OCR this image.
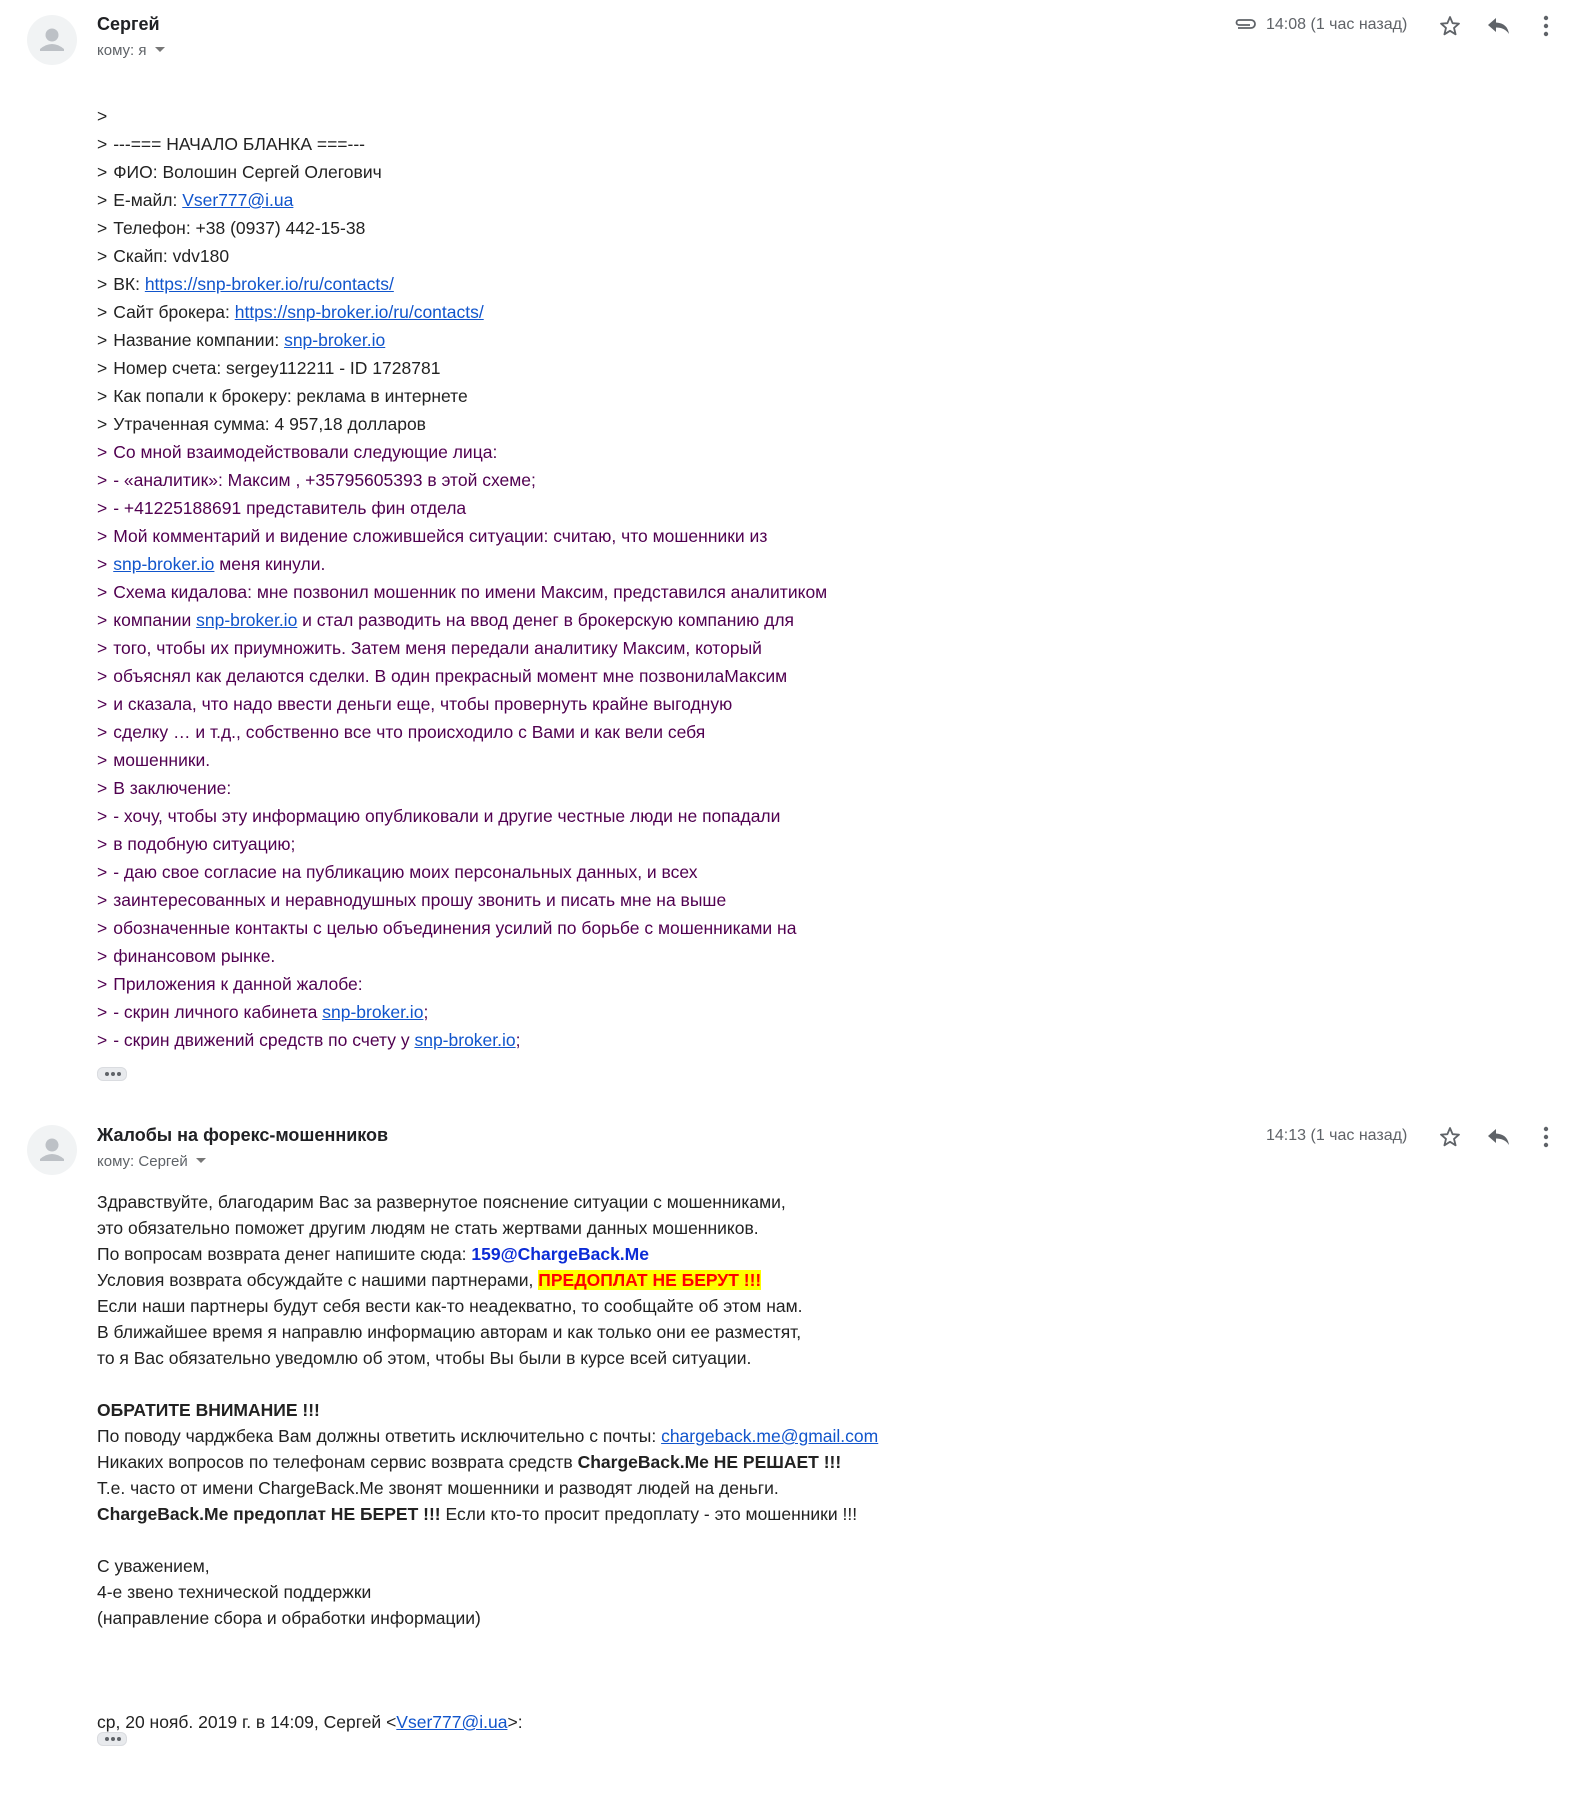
Сергей
кому: я
14:08 (1 час назад)
>
> ---=== НАЧАЛО БЛАНКА ===---
> ФИО: Волошин Сергей Олегович
> Е-майл: Vser777@i.ua
> Телефон: +38 (0937) 442-15-38
> Скайп: vdv180
> ВК: https://snp-broker.io/ru/contacts/
> Сайт брокера: https://snp-broker.io/ru/contacts/
> Название компании: snp-broker.io
> Номер счета: sergey112211 - ID 1728781
> Как попали к брокеру: реклама в интернете
> Утраченная сумма: 4 957,18 долларов
> Со мной взаимодействовали следующие лица:
> - «аналитик»: Максим , +35795605393 в этой схеме;
> - +41225188691 представитель фин отдела
> Мой комментарий и видение сложившейся ситуации: считаю, что мошенники из
> snp-broker.io меня кинули.
> Схема кидалова: мне позвонил мошенник по имени Максим, представился аналитиком
> компании snp-broker.io и стал разводить на ввод денег в брокерскую компанию для
> того, чтобы их приумножить. Затем меня передали аналитику Максим, который
> объяснял как делаются сделки. В один прекрасный момент мне позвонилаМаксим
> и сказала, что надо ввести деньги еще, чтобы провернуть крайне выгодную
> сделку … и т.д., собственно все что происходило с Вами и как вели себя
> мошенники.
> В заключение:
> - хочу, чтобы эту информацию опубликовали и другие честные люди не попадали
> в подобную ситуацию;
> - даю свое согласие на публикацию моих персональных данных, и всех
> заинтересованных и неравнодушных прошу звонить и писать мне на выше
> обозначенные контакты с целью объединения усилий по борьбе с мошенниками на
> финансовом рынке.
> Приложения к данной жалобе:
> - скрин личного кабинета snp-broker.io;
> - скрин движений средств по счету у snp-broker.io;
Жалобы на форекс-мошенников
кому: Сергей
14:13 (1 час назад)
Здравствуйте, благодарим Вас за развернутое пояснение ситуации с мошенниками,
это обязательно поможет другим людям не стать жертвами данных мошенников.
По вопросам возврата денег напишите сюда: 159@ChargeBack.Me
Условия возврата обсуждайте с нашими партнерами, ПРЕДОПЛАТ НЕ БЕРУТ !!!
Если наши партнеры будут себя вести как-то неадекватно, то сообщайте об этом нам.
В ближайшее время я направлю информацию авторам и как только они ее разместят,
то я Вас обязательно уведомлю об этом, чтобы Вы были в курсе всей ситуации.
ОБРАТИТЕ ВНИМАНИЕ !!!
По поводу чарджбека Вам должны ответить исключительно с почты: chargeback.me@gmail.com
Никаких вопросов по телефонам сервис возврата средств ChargeBack.Me НЕ РЕШАЕТ !!!
Т.е. часто от имени ChargeBack.Me звонят мошенники и разводят людей на деньги.
ChargeBack.Me предоплат НЕ БЕРЕТ !!! Если кто-то просит предоплату - это мошенники !!!
С уважением,
4-е звено технической поддержки
(направление сбора и обработки информации)
ср, 20 нояб. 2019 г. в 14:09, Сергей <Vser777@i.ua>:
